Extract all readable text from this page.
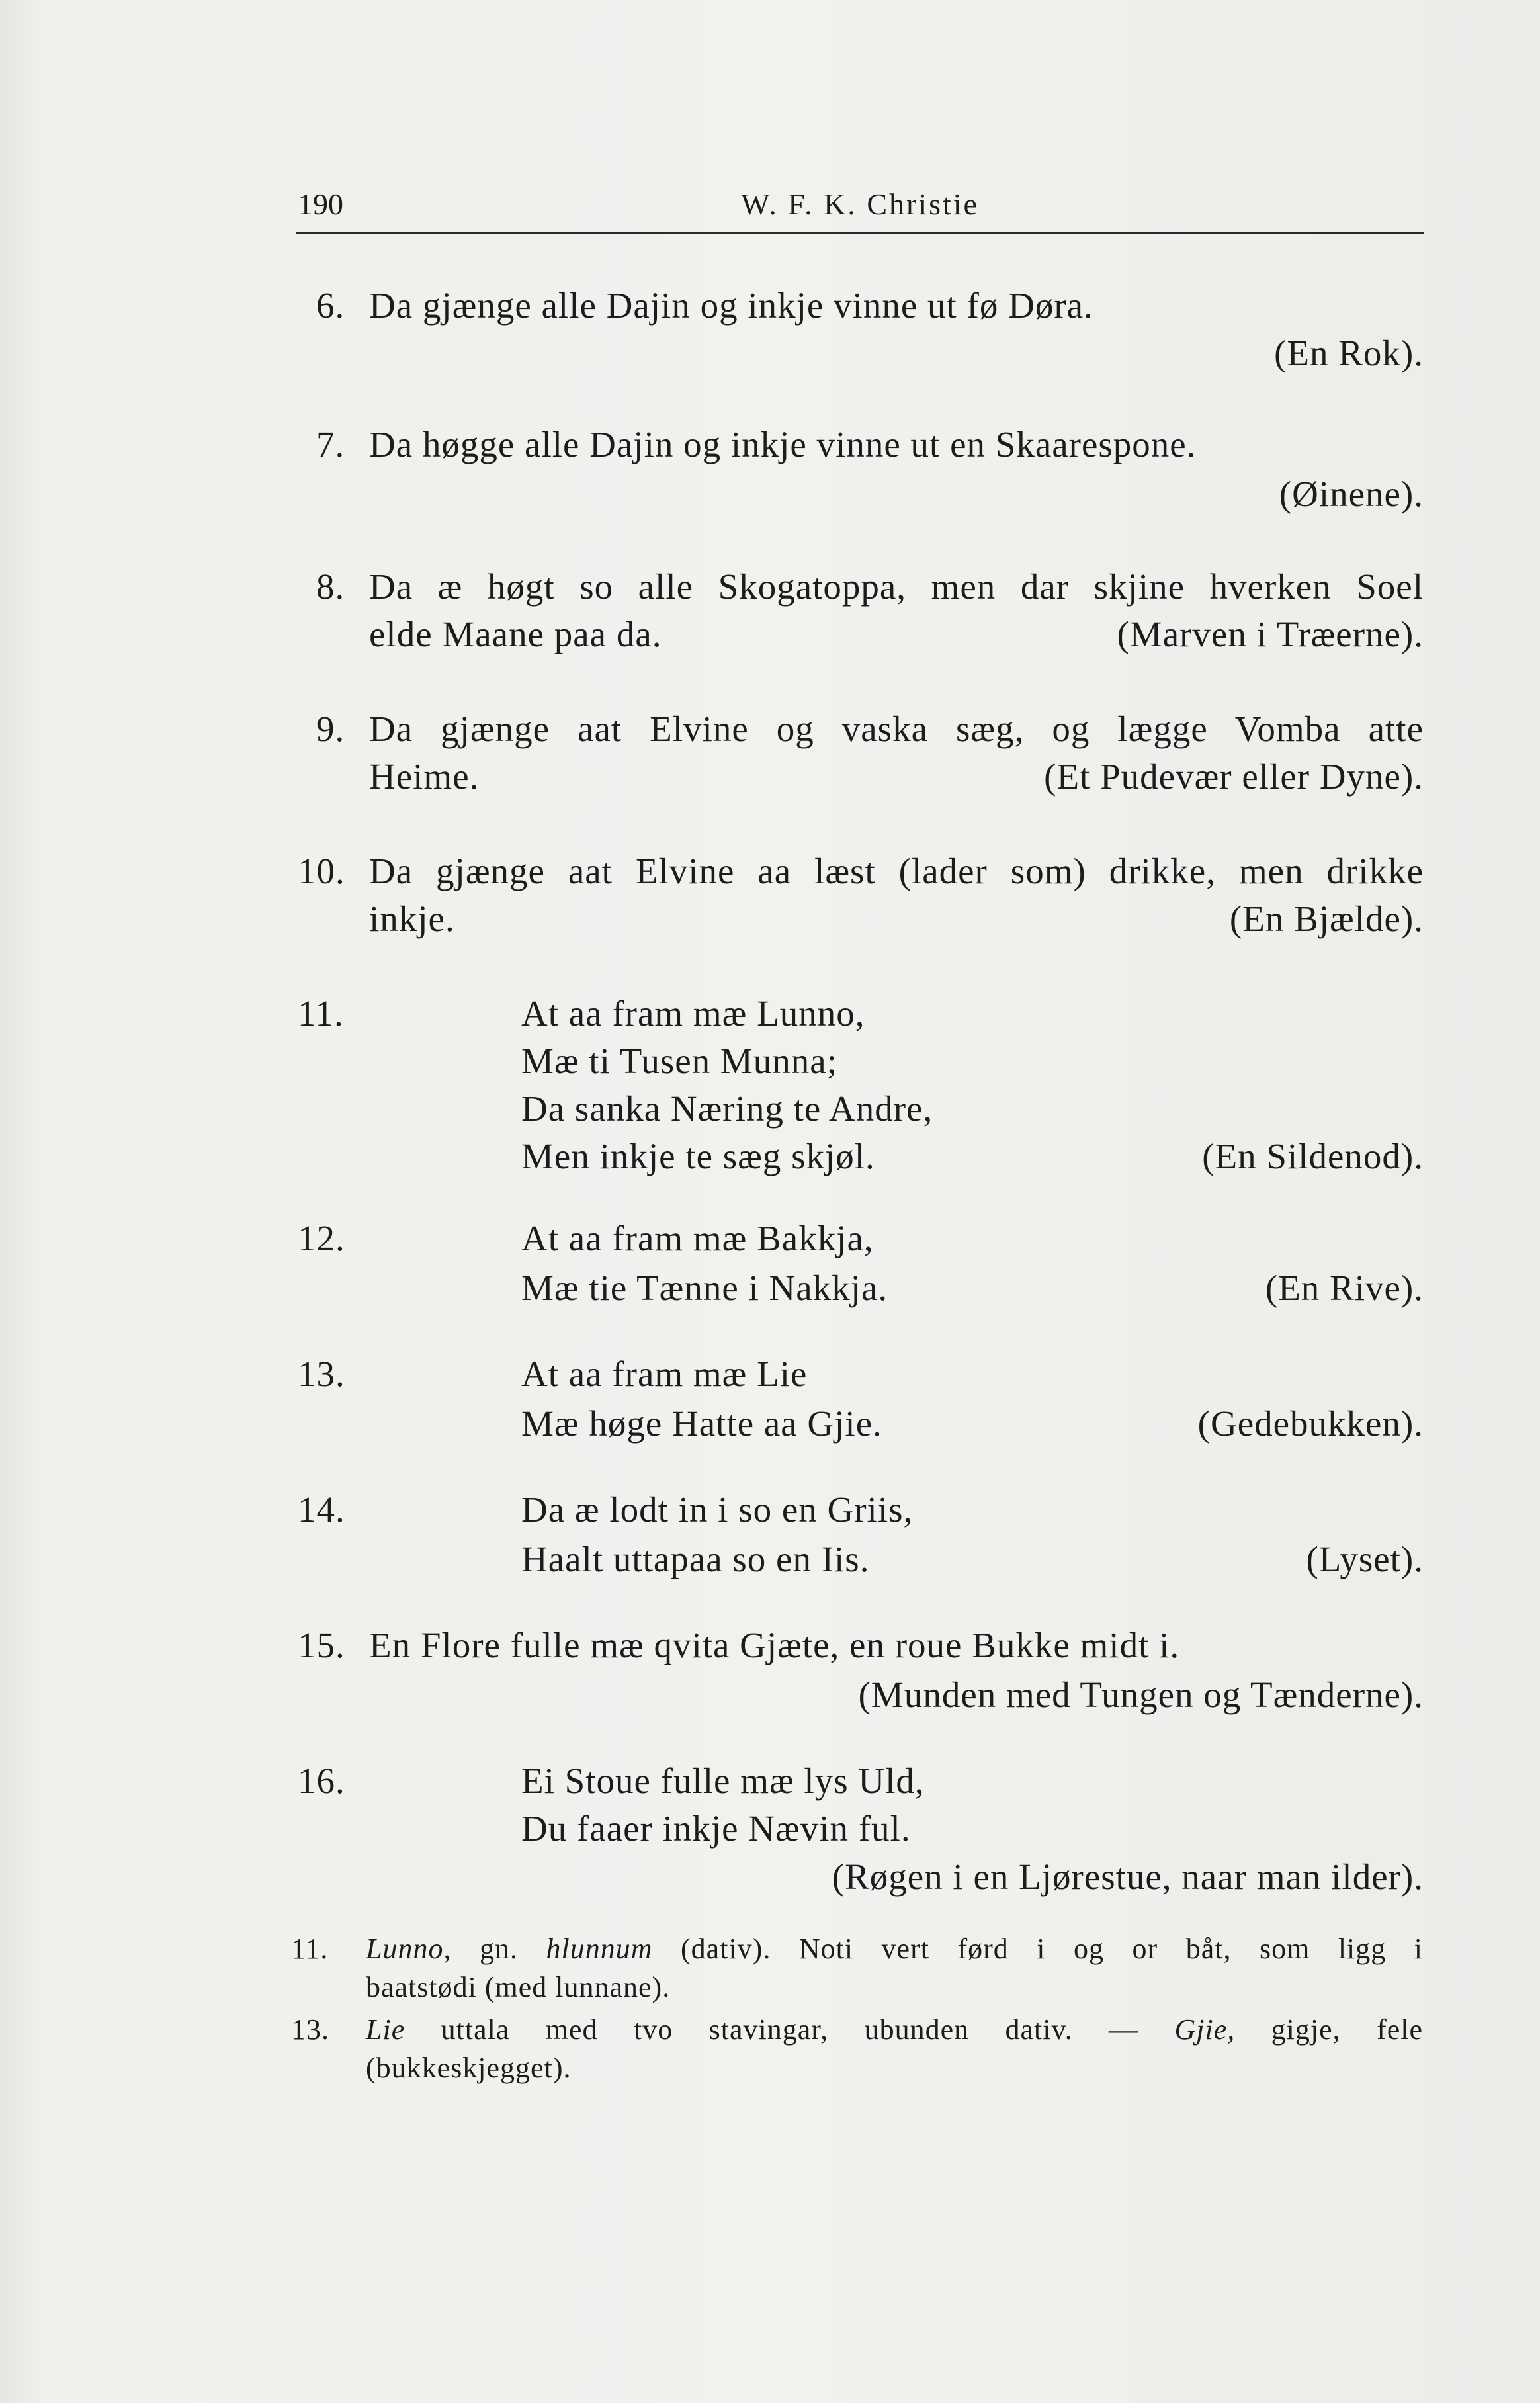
190	W. F. K. Christie
6. Da gjænge alle Dajin og inkje vinne ut fø Døra.
(En Rok).
7. Da høgge alle Dajin og inkje vinne ut en Skaarespone.
(Øinene).
8. Da æ høgt so alle Skogatoppa, men dar skjine hverken Soel
elde Maane paa da.	(Marven i Træerne).
9. Da gjænge aat Elvine og vaska sæg, og lægge Vomba atte
Heime.	(Et Pudevær eller Dyne).
10. Da gjænge aat Elvine aa læst (lader som) drikke, men drikke
inkje.	(En Bjælde).
11.	At aa fram mæ Lunno,
Mæ ti Tusen Munna;
Da sanka Næring te Andre,
Men inkje te sæg skjøl.	(En Sildenod).
12.	At aa fram mæ Bakkja,
Mæ tie Tænne i Nakkja.	(En Rive).
13.	At aa fram mæ Lie
Mæ høge Hatte aa Gjie.	(Gedebukken).
14.	Da æ lodt in i so en Griis,
Haalt uttapaa so en Iis.	(Lyset).
15. En Flore fulle mæ qvita Gjæte, en roue Bukke midt i.
(Munden med Tungen og Tænderne).
16.	Ei Stoue fulle mæ lys Uld,
Du faaer inkje Nævin ful.
(Røgen i en Ljørestue, naar man ilder).
11. Lunno, gn. hlunnum (dativ). Noti vert førd i og or båt, som ligg i
baatstødi (med lunnane).
13. Lie uttala med tvo stavingar, ubunden dativ. — Gjie, gigje, fele
(bukkeskjegget).
